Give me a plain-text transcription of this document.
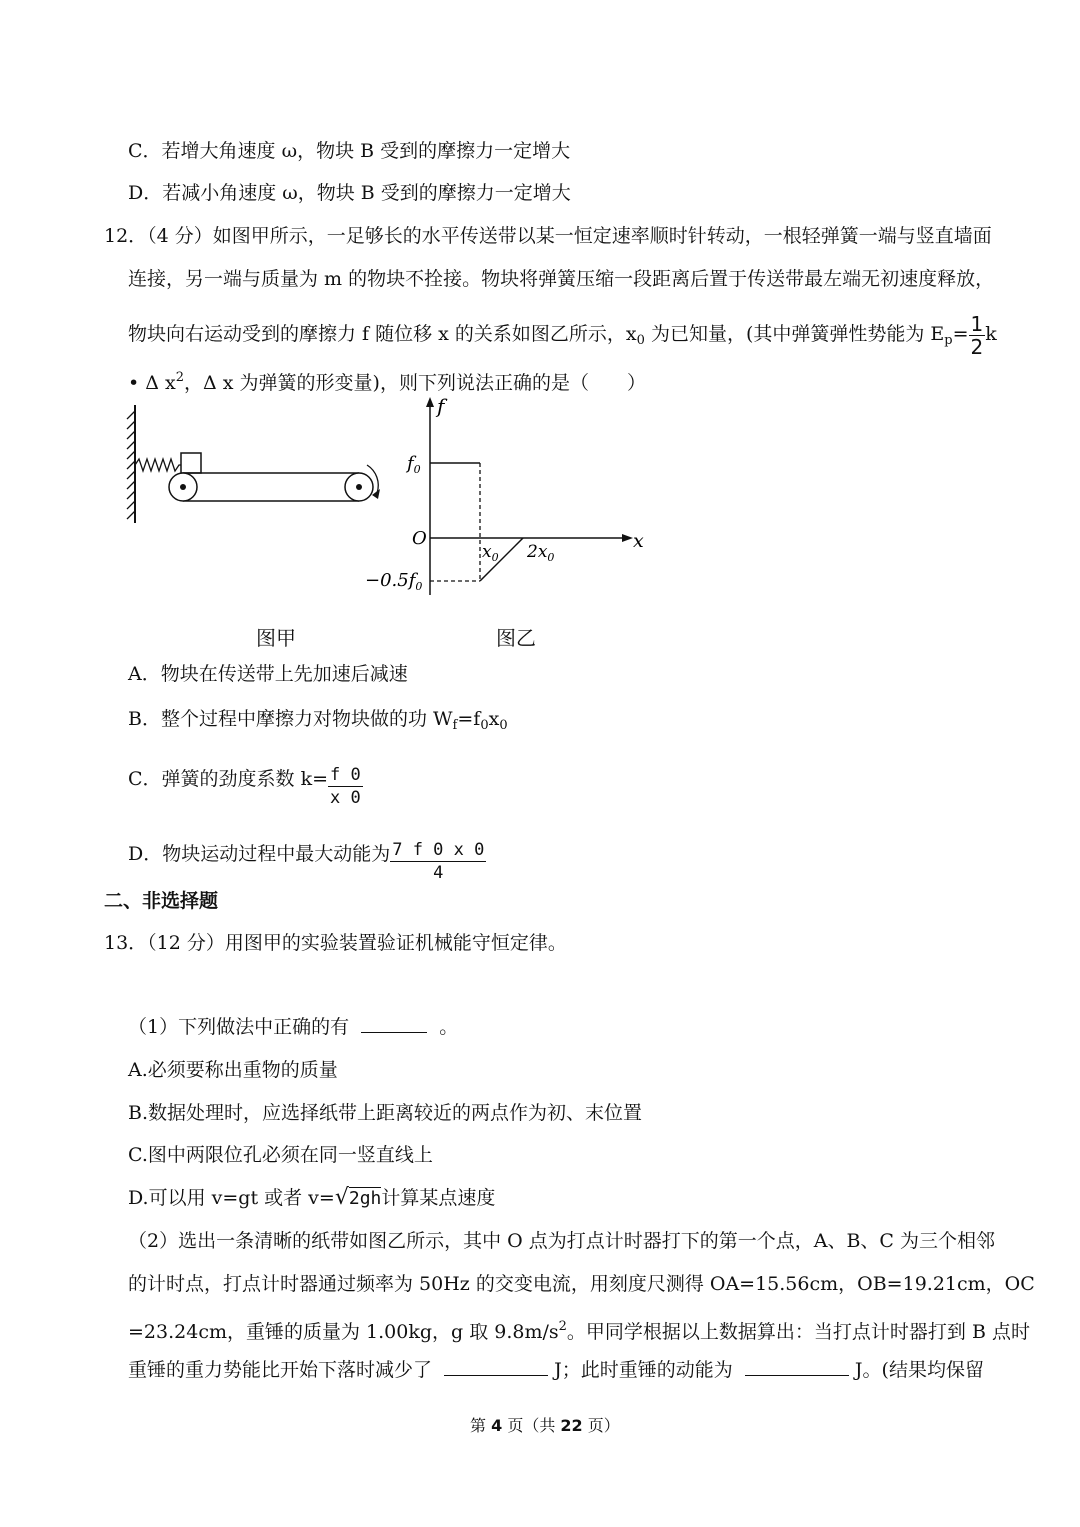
C．若增大角速度 ω，物块 B 受到的摩擦力一定增大
D．若减小角速度 ω，物块 B 受到的摩擦力一定增大
12．（4 分）如图甲所示，一足够长的水平传送带以某一恒定速率顺时针转动，一根轻弹簧一端与竖直墙面
连接，另一端与质量为 m 的物块不拴接。物块将弹簧压缩一段距离后置于传送带最左端无初速度释放，
物块向右运动受到的摩擦力 f 随位移 x 的关系如图乙所示，$x_0$ 为已知量，(其中弹簧弹性势能为 $E_p= \frac{1}{2}$ k
• Δ $x^2$，Δ x 为弹簧的形变量)，则下列说法正确的是（　　）
f
x
O
$f_0$
$-0.5f_0$
$x_0$ $2x_0$
图甲	图乙
A．物块在传送带上先加速后减速
B．整个过程中摩擦力对物块做的功 $W_f=f_0x_0$
C．弹簧的劲度系数 $k= \frac{f 0}{x 0}$
D．物块运动过程中最大动能为 $\frac{7 f 0 x 0}{4}$
二、非选择题
13．（12 分）用图甲的实验装置验证机械能守恒定律。
（1）下列做法中正确的有	。
A.必须要称出重物的质量
B.数据处理时，应选择纸带上距离较近的两点作为初、末位置
C.图中两限位孔必须在同一竖直线上
D.可以用 v=gt 或者 v=√2gh计算某点速度
（2）选出一条清晰的纸带如图乙所示，其中 O 点为打点计时器打下的第一个点，A、B、C 为三个相邻
的计时点，打点计时器通过频率为 50Hz 的交变电流，用刻度尺测得 OA=15.56cm，OB=19.21cm，OC
=23.24cm，重锤的质量为 1.00kg，g 取 $9.8m/s^2$。甲同学根据以上数据算出：当打点计时器打到 B 点时
重锤的重力势能比开始下落时减少了	J；此时重锤的动能为	J。(结果均保留
第 4 页（共 22 页）
